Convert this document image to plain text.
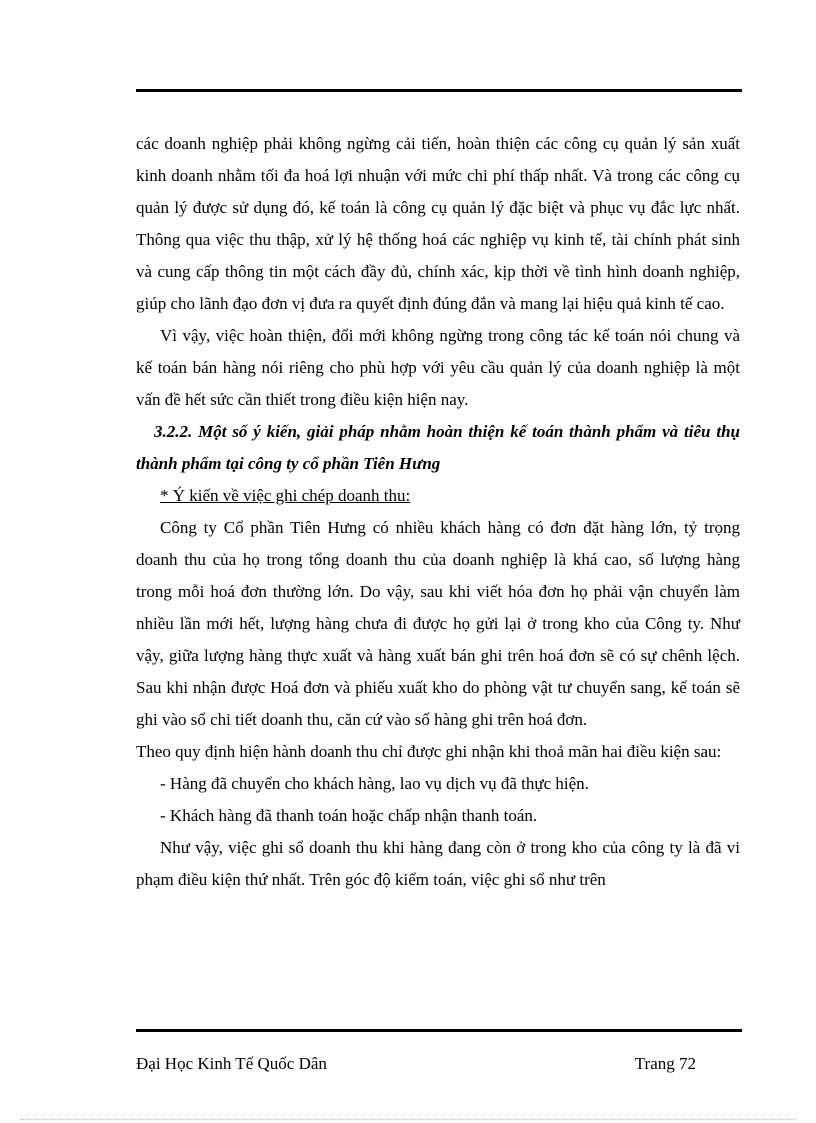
các doanh nghiệp phải không ngừng cải tiến, hoàn thiện các công cụ quản lý sản xuất kinh doanh nhằm tối đa hoá lợi nhuận với mức chi phí thấp nhất. Và trong các công cụ quản lý được sử dụng đó, kế toán là công cụ quản lý đặc biệt và phục vụ đắc lực nhất. Thông qua việc thu thập, xử lý hệ thống hoá các nghiệp vụ kinh tế, tài chính phát sinh và cung cấp thông tin một cách đầy đủ, chính xác, kịp thời về tình hình doanh nghiệp, giúp cho lãnh đạo đơn vị đưa ra quyết định đúng đắn và mang lại hiệu quả kinh tế cao.

Vì vậy, việc hoàn thiện, đổi mới không ngừng trong công tác kế toán nói chung và kế toán bán hàng nói riêng cho phù hợp với yêu cầu quản lý của doanh nghiệp là một vấn đề hết sức cần thiết trong điều kiện hiện nay.

3.2.2. Một số ý kiến, giải pháp nhằm hoàn thiện kế toán thành phẩm và tiêu thụ thành phẩm tại công ty cổ phần Tiên Hưng

* Ý kiến về việc ghi chép doanh thu:

Công ty Cổ phần Tiên Hưng có nhiều khách hàng có đơn đặt hàng lớn, tỷ trọng doanh thu của họ trong tổng doanh thu của doanh nghiệp là khá cao, số lượng hàng trong mỗi hoá đơn thường lớn. Do vậy, sau khi viết hóa đơn họ phải vận chuyển làm nhiều lần mới hết, lượng hàng chưa đi được họ gửi lại ở trong kho của Công ty. Như vậy, giữa lượng hàng thực xuất và hàng xuất bán ghi trên hoá đơn sẽ có sự chênh lệch. Sau khi nhận được Hoá đơn và phiếu xuất kho do phòng vật tư chuyển sang, kế toán sẽ ghi vào sổ chi tiết doanh thu, căn cứ vào số hàng ghi trên hoá đơn.

Theo quy định hiện hành doanh thu chỉ được ghi nhận khi thoả mãn hai điều kiện sau:

- Hàng đã chuyển cho khách hàng, lao vụ dịch vụ đã thực hiện.

- Khách hàng đã thanh toán hoặc chấp nhận thanh toán.

Như vậy, việc ghi sổ doanh thu khi hàng đang còn ở trong kho của công ty là đã vi phạm điều kiện thứ nhất. Trên góc độ kiểm toán, việc ghi sổ như trên

Đại Học Kinh Tế Quốc Dân	Trang 72
